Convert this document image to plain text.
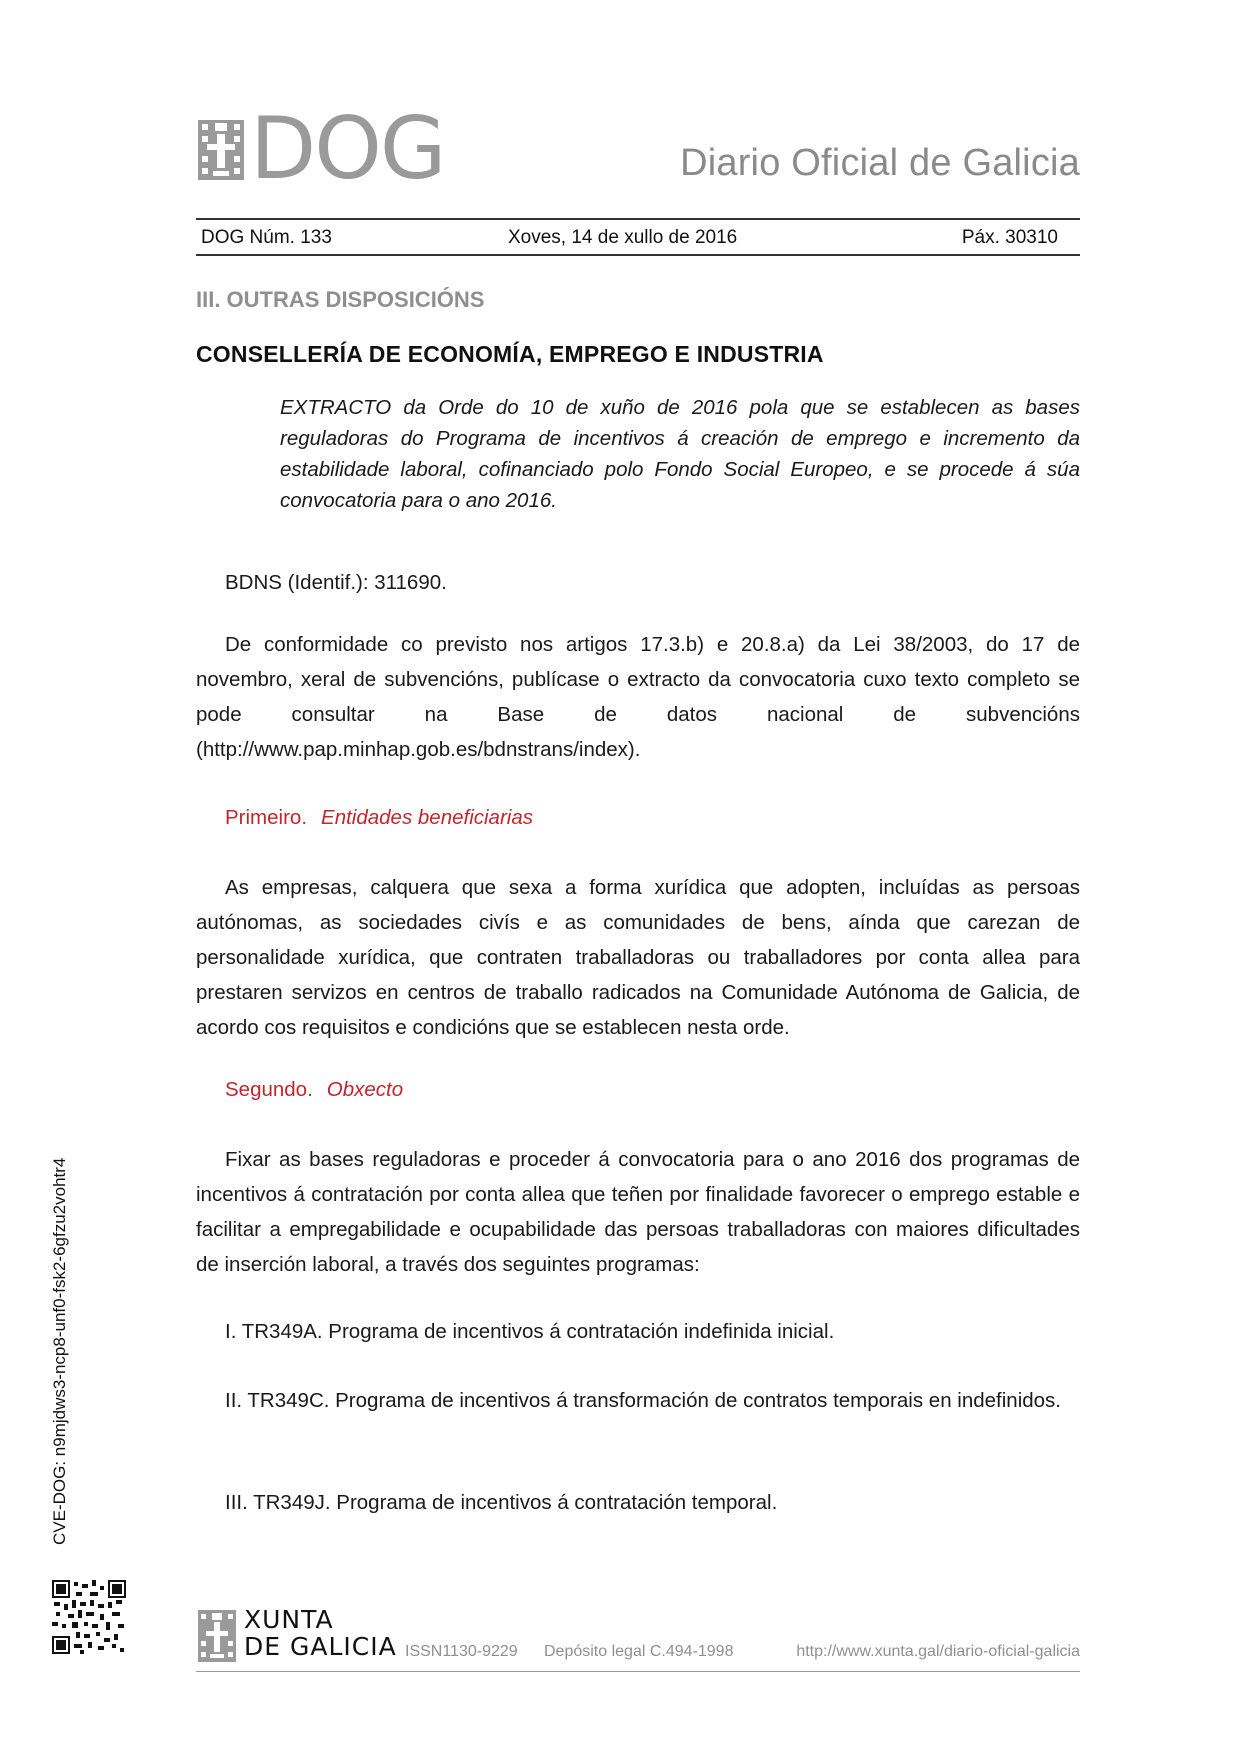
DOG	Diario Oficial de Galicia
DOG Núm. 133	Xoves, 14 de xullo de 2016	Páx. 30310
III. OUTRAS DISPOSICIÓNS
CONSELLERÍA DE ECONOMÍA, EMPREGO E INDUSTRIA
EXTRACTO da Orde do 10 de xuño de 2016 pola que se establecen as bases reguladoras do Programa de incentivos á creación de emprego e incremento da estabilidade laboral, cofinanciado polo Fondo Social Europeo, e se procede á súa convocatoria para o ano 2016.
BDNS (Identif.): 311690.
De conformidade co previsto nos artigos 17.3.b) e 20.8.a) da Lei 38/2003, do 17 de novembro, xeral de subvencións, publícase o extracto da convocatoria cuxo texto completo se pode consultar na Base de datos nacional de subvencións (http://www.pap.minhap.gob.es/bdnstrans/index).
Primeiro. Entidades beneficiarias
As empresas, calquera que sexa a forma xurídica que adopten, incluídas as persoas autónomas, as sociedades civís e as comunidades de bens, aínda que carezan de personalidade xurídica, que contraten traballadoras ou traballadores por conta allea para prestaren servizos en centros de traballo radicados na Comunidade Autónoma de Galicia, de acordo cos requisitos e condicións que se establecen nesta orde.
Segundo. Obxecto
Fixar as bases reguladoras e proceder á convocatoria para o ano 2016 dos programas de incentivos á contratación por conta allea que teñen por finalidade favorecer o emprego estable e facilitar a empregabilidade e ocupabilidade das persoas traballadoras con maiores dificultades de inserción laboral, a través dos seguintes programas:
I. TR349A. Programa de incentivos á contratación indefinida inicial.
II. TR349C. Programa de incentivos á transformación de contratos temporais en indefinidos.
III. TR349J. Programa de incentivos á contratación temporal.
CVE-DOG: n9mjdws3-ncp8-unf0-fsk2-6gfzu2vohtr4
XUNTA
DE GALICIA ISSN1130-9229 Depósito legal C.494-1998	http://www.xunta.gal/diario-oficial-galicia
